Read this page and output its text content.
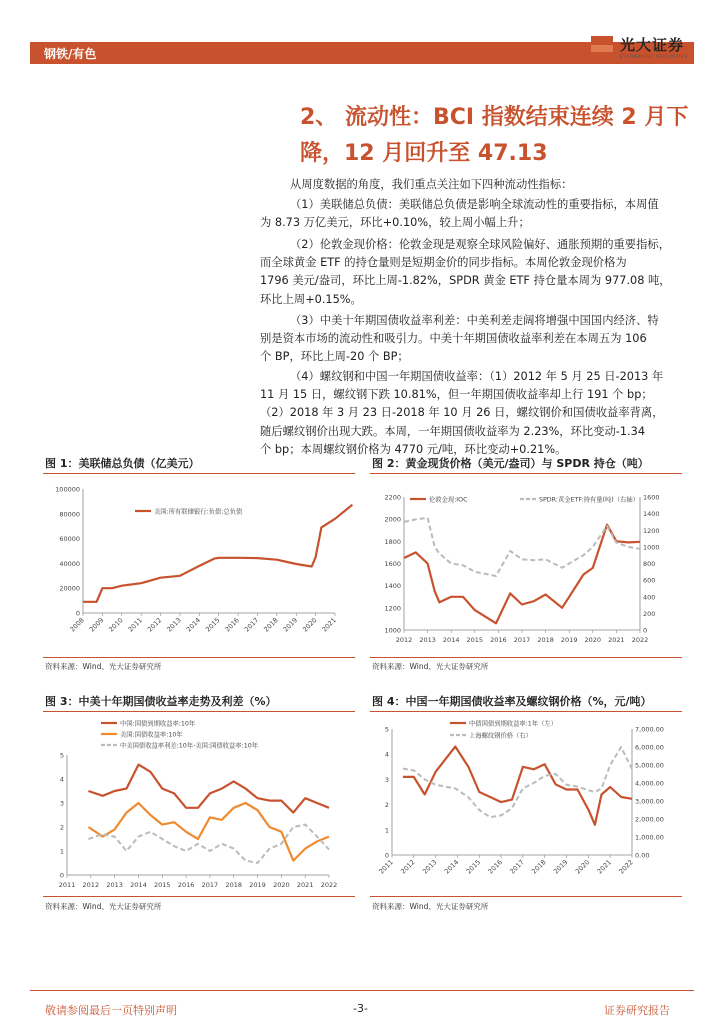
钢铁/有色	光大证券
EVERBRIGHT SECURITIES
2、 流动性：BCI 指数结束连续 2 月下
降，12 月回升至 47.13
从周度数据的角度，我们重点关注如下四种流动性指标：
（1）美联储总负债：美联储总负债是影响全球流动性的重要指标，本周值
为 8.73 万亿美元，环比+0.10%，较上周小幅上升；
（2）伦敦金现价格：伦敦金现是观察全球风险偏好、通胀预期的重要指标，
而全球黄金 ETF 的持仓量则是短期金价的同步指标。本周伦敦金现价格为
1796 美元/盎司，环比上周-1.82%，SPDR 黄金 ETF 持仓量本周为 977.08 吨，
环比上周+0.15%。
（3）中美十年期国债收益率利差：中美利差走阔将增强中国国内经济、特
别是资本市场的流动性和吸引力。中美十年期国债收益率利差在本周五为 106
个 BP，环比上周-20 个 BP；
（4）螺纹钢和中国一年期国债收益率：（1）2012 年 5 月 25 日-2013 年
11 月 15 日，螺纹钢下跌 10.81%，但一年期国债收益率却上行 191 个 bp；
（2）2018 年 3 月 23 日-2018 年 10 月 26 日，螺纹钢价和国债收益率背离，
随后螺纹钢价出现大跌。本周，一年期国债收益率为 2.23%，环比变动-1.34
个 bp；本周螺纹钢价格为 4770 元/吨，环比变动+0.21%。
图 1：美联储总负债（亿美元）
2008 2009 2010 2011 2012 2013 2014 2015 2016 2017 2018 2019 2020 2021
0
20000
40000
60000
80000
100000
美国:所有联储银行:负债:总负债
资料来源：Wind、光大证券研究所
图 2：黄金现货价格（美元/盎司）与 SPDR 持仓（吨）
2012 2013 2014 2015 2016 2017 2018 2019 2020 2021 2022
1000
1200
1400
1600
1800
2000
2200
0
200
400
600
800
1000
1200
1400
1600
伦敦金现:IOC	SPDR:黄金ETF:持有量(吨)（右轴）
资料来源：Wind、光大证券研究所
图 3：中美十年期国债收益率走势及利差（%）
2011 2012 2013 2014 2015 2016 2017 2018 2019 2020 2021 2022
0
1
2
3
4
5
中国:国债到期收益率:10年
美国:国债收益率:10年
中美国债收益率利差:10年-美国:国债收益率:10年
资料来源：Wind、光大证券研究所
图 4：中国一年期国债收益率及螺纹钢价格（%，元/吨）
2011 2012 2013 2014 2015 2016 2017 2018 2019 2020 2021 2022
0
1
2
3
4
5
0.00
1,000.00
2,000.00
3,000.00
4,000.00
5,000.00
6,000.00
7,000.00
中债国债到期收益率:1年（左）
上海螺纹钢价格（右）
资料来源：Wind、光大证券研究所
敬请参阅最后一页特别声明	-3-	证券研究报告
